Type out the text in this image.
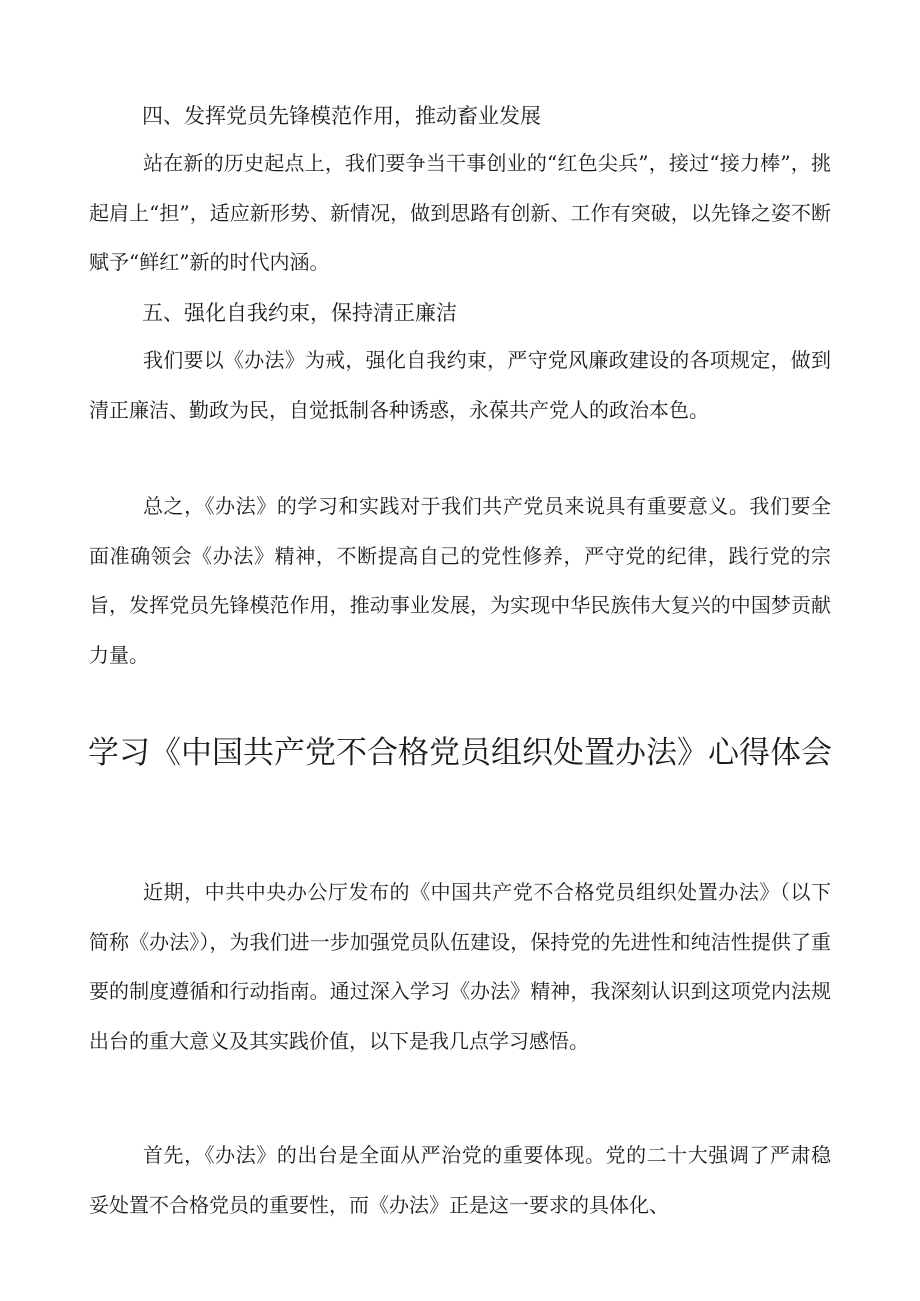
四、发挥党员先锋模范作用，推动畜业发展

站在新的历史起点上，我们要争当干事创业的“红色尖兵”，接过“接力棒”，挑起肩上“担”，适应新形势、新情况，做到思路有创新、工作有突破，以先锋之姿不断赋予“鲜红”新的时代内涵。

五、强化自我约束，保持清正廉洁

我们要以《办法》为戒，强化自我约束，严守党风廉政建设的各项规定，做到清正廉洁、勤政为民，自觉抵制各种诱惑，永葆共产党人的政治本色。

总之，《办法》的学习和实践对于我们共产党员来说具有重要意义。我们要全面准确领会《办法》精神，不断提高自己的党性修养，严守党的纪律，践行党的宗旨，发挥党员先锋模范作用，推动事业发展，为实现中华民族伟大复兴的中国梦贡献力量。

学习《中国共产党不合格党员组织处置办法》心得体会

近期，中共中央办公厅发布的《中国共产党不合格党员组织处置办法》（以下简称《办法》），为我们进一步加强党员队伍建设，保持党的先进性和纯洁性提供了重要的制度遵循和行动指南。通过深入学习《办法》精神，我深刻认识到这项党内法规出台的重大意义及其实践价值，以下是我几点学习感悟。

首先，《办法》的出台是全面从严治党的重要体现。党的二十大强调了严肃稳妥处置不合格党员的重要性，而《办法》正是这一要求的具体化、
